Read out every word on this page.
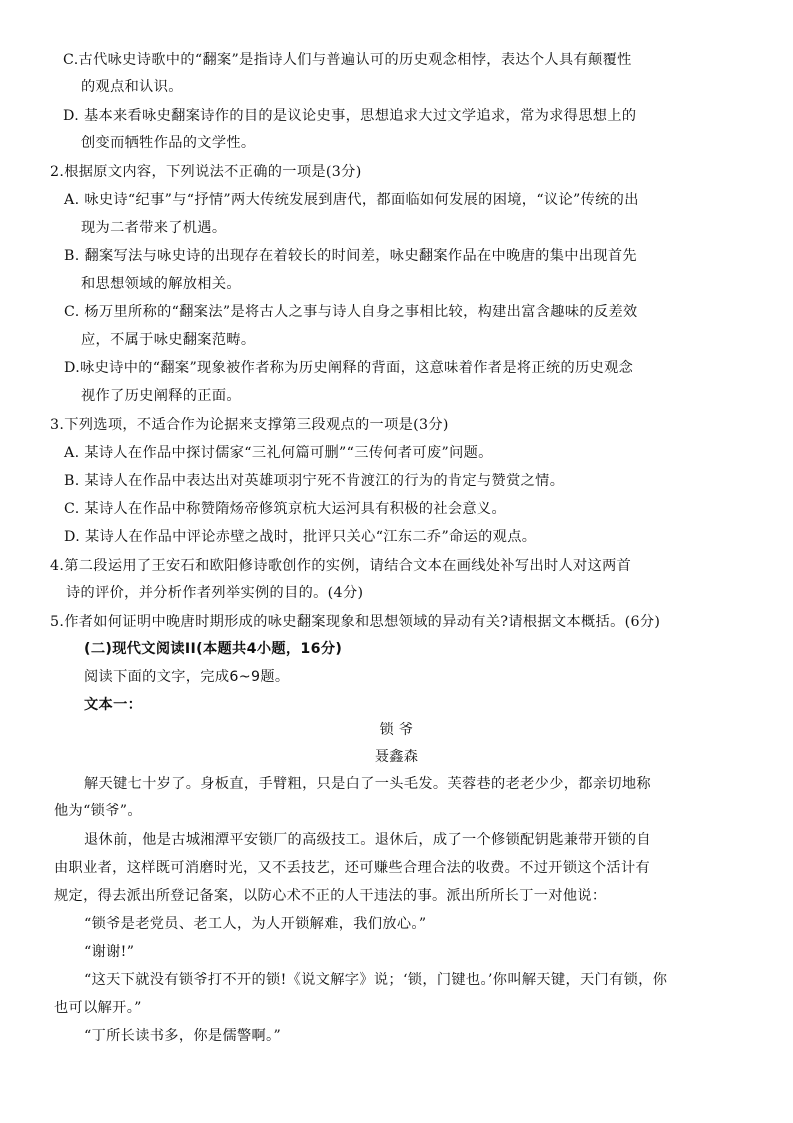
C.古代咏史诗歌中的“翻案”是指诗人们与普遍认可的历史观念相悖，表达个人具有颠覆性
的观点和认识。
D. 基本来看咏史翻案诗作的目的是议论史事，思想追求大过文学追求，常为求得思想上的
创变而牺牲作品的文学性。
2.根据原文内容，下列说法不正确的一项是(3分)
A. 咏史诗“纪事”与“抒情”两大传统发展到唐代，都面临如何发展的困境，“议论”传统的出
现为二者带来了机遇。
B. 翻案写法与咏史诗的出现存在着较长的时间差，咏史翻案作品在中晚唐的集中出现首先
和思想领域的解放相关。
C. 杨万里所称的“翻案法”是将古人之事与诗人自身之事相比较，构建出富含趣味的反差效
应，不属于咏史翻案范畴。
D.咏史诗中的“翻案”现象被作者称为历史阐释的背面，这意味着作者是将正统的历史观念
视作了历史阐释的正面。
3.下列选项，不适合作为论据来支撑第三段观点的一项是(3分)
A. 某诗人在作品中探讨儒家“三礼何篇可删”“三传何者可废”问题。
B. 某诗人在作品中表达出对英雄项羽宁死不肯渡江的行为的肯定与赞赏之情。
C. 某诗人在作品中称赞隋炀帝修筑京杭大运河具有积极的社会意义。
D. 某诗人在作品中评论赤壁之战时，批评只关心“江东二乔”命运的观点。
4.第二段运用了王安石和欧阳修诗歌创作的实例，请结合文本在画线处补写出时人对这两首
诗的评价，并分析作者列举实例的目的。(4分)
5.作者如何证明中晚唐时期形成的咏史翻案现象和思想领域的异动有关?请根据文本概括。(6分)
(二)现代文阅读II(本题共4小题，16分)
阅读下面的文字，完成6~9题。
文本一：
锁 爷
聂鑫森
解天键七十岁了。身板直，手臂粗，只是白了一头毛发。芙蓉巷的老老少少，都亲切地称
他为“锁爷”。
退休前，他是古城湘潭平安锁厂的高级技工。退休后，成了一个修锁配钥匙兼带开锁的自
由职业者，这样既可消磨时光，又不丢技艺，还可赚些合理合法的收费。不过开锁这个活计有
规定，得去派出所登记备案，以防心术不正的人干违法的事。派出所所长丁一对他说：
“锁爷是老党员、老工人，为人开锁解难，我们放心。”
“谢谢!”
“这天下就没有锁爷打不开的锁!《说文解字》说；‘锁，门键也。’你叫解天键，天门有锁，你
也可以解开。”
“丁所长读书多，你是儒警啊。”
